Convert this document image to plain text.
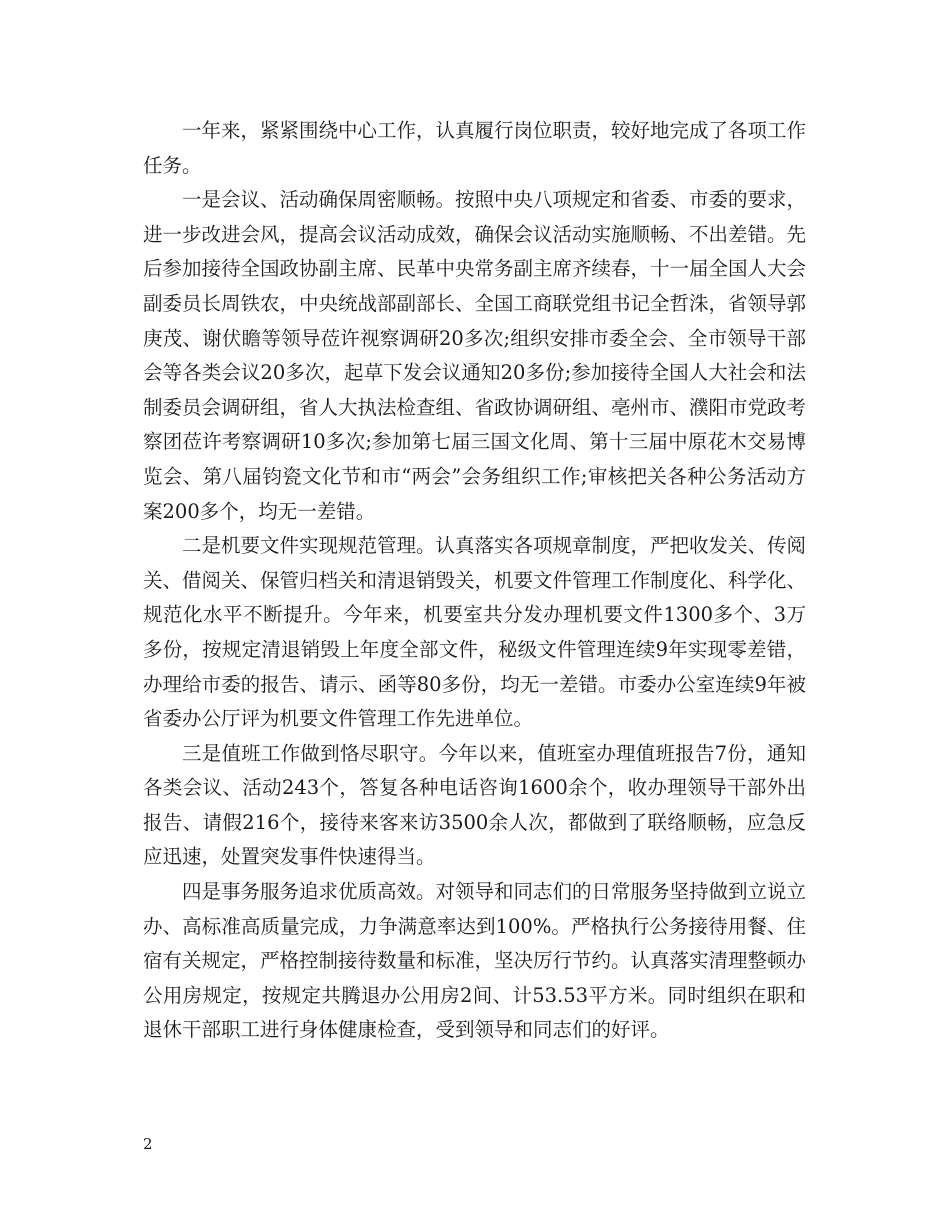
一年来，紧紧围绕中心工作，认真履行岗位职责，较好地完成了各项工作任务。

一是会议、活动确保周密顺畅。按照中央八项规定和省委、市委的要求，进一步改进会风，提高会议活动成效，确保会议活动实施顺畅、不出差错。先后参加接待全国政协副主席、民革中央常务副主席齐续春，十一届全国人大会副委员长周铁农，中央统战部副部长、全国工商联党组书记全哲洙，省领导郭庚茂、谢伏瞻等领导莅许视察调研20多次;组织安排市委全会、全市领导干部会等各类会议20多次，起草下发会议通知20多份;参加接待全国人大社会和法制委员会调研组，省人大执法检查组、省政协调研组、亳州市、濮阳市党政考察团莅许考察调研10多次;参加第七届三国文化周、第十三届中原花木交易博览会、第八届钧瓷文化节和市“两会”会务组织工作;审核把关各种公务活动方案200多个，均无一差错。

二是机要文件实现规范管理。认真落实各项规章制度，严把收发关、传阅关、借阅关、保管归档关和清退销毁关，机要文件管理工作制度化、科学化、规范化水平不断提升。今年来，机要室共分发办理机要文件1300多个、3万多份，按规定清退销毁上年度全部文件，秘级文件管理连续9年实现零差错，办理给市委的报告、请示、函等80多份，均无一差错。市委办公室连续9年被省委办公厅评为机要文件管理工作先进单位。

三是值班工作做到恪尽职守。今年以来，值班室办理值班报告7份，通知各类会议、活动243个，答复各种电话咨询1600余个，收办理领导干部外出报告、请假216个，接待来客来访3500余人次，都做到了联络顺畅，应急反应迅速，处置突发事件快速得当。

四是事务服务追求优质高效。对领导和同志们的日常服务坚持做到立说立办、高标准高质量完成，力争满意率达到100%。严格执行公务接待用餐、住宿有关规定，严格控制接待数量和标准，坚决厉行节约。认真落实清理整顿办公用房规定，按规定共腾退办公用房2间、计53.53平方米。同时组织在职和退休干部职工进行身体健康检查，受到领导和同志们的好评。

2
